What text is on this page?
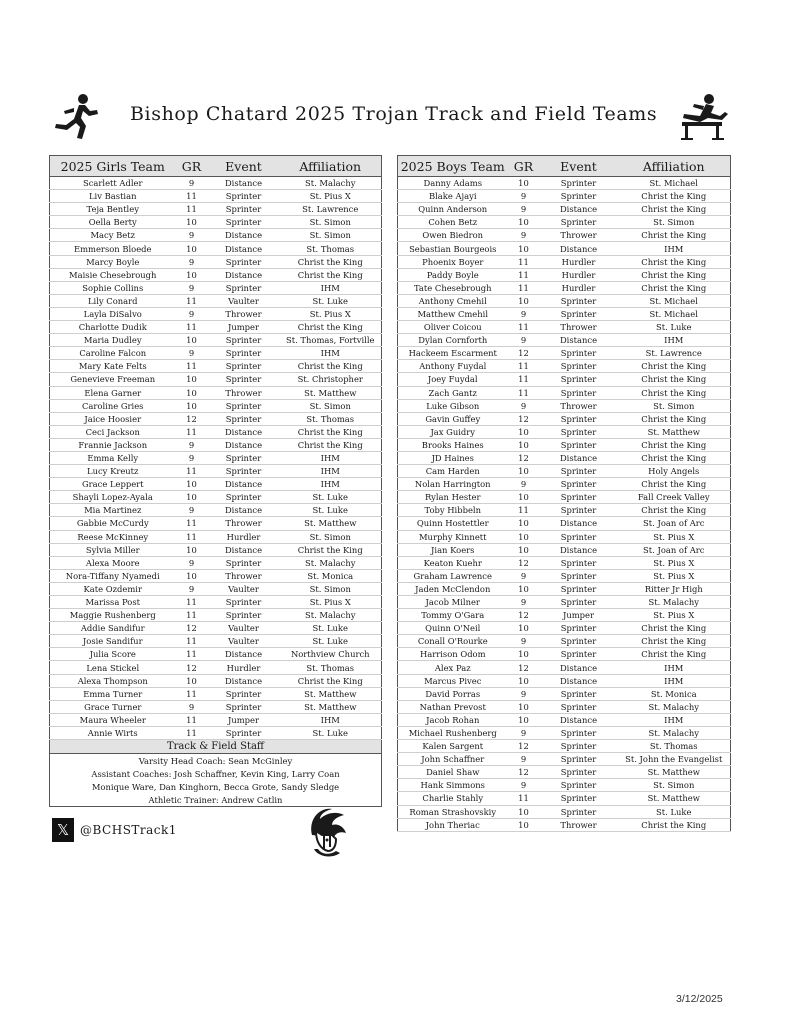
Bishop Chatard 2025 Trojan Track and Field Teams
2025 Girls Team	GR	Event	Affiliation
Scarlett Adler	9	Distance	St. Malachy
Liv Bastian	11	Sprinter	St. Pius X
Teja Bentley	11	Sprinter	St. Lawrence
Oella Berty	10	Sprinter	St. Simon
Macy Betz	9	Distance	St. Simon
Emmerson Bloede	10	Distance	St. Thomas
Marcy Boyle	9	Sprinter	Christ the King
Maisie Chesebrough	10	Distance	Christ the King
Sophie Collins	9	Sprinter	IHM
Lily Conard	11	Vaulter	St. Luke
Layla DiSalvo	9	Thrower	St. Pius X
Charlotte Dudik	11	Jumper	Christ the King
Maria Dudley	10	Sprinter	St. Thomas, Fortville
Caroline Falcon	9	Sprinter	IHM
Mary Kate Felts	11	Sprinter	Christ the King
Genevieve Freeman	10	Sprinter	St. Christopher
Elena Garner	10	Thrower	St. Matthew
Caroline Gries	10	Sprinter	St. Simon
Jaice Hoosier	12	Sprinter	St. Thomas
Ceci Jackson	11	Distance	Christ the King
Frannie Jackson	9	Distance	Christ the King
Emma Kelly	9	Sprinter	IHM
Lucy Kreutz	11	Sprinter	IHM
Grace Leppert	10	Distance	IHM
Shayli Lopez-Ayala	10	Sprinter	St. Luke
Mia Martinez	9	Distance	St. Luke
Gabbie McCurdy	11	Thrower	St. Matthew
Reese McKinney	11	Hurdler	St. Simon
Sylvia Miller	10	Distance	Christ the King
Alexa Moore	9	Sprinter	St. Malachy
Nora-Tiffany Nyamedi	10	Thrower	St. Monica
Kate Ozdemir	9	Vaulter	St. Simon
Marissa Post	11	Sprinter	St. Pius X
Maggie Rushenberg	11	Sprinter	St. Malachy
Addie Sandifur	12	Vaulter	St. Luke
Josie Sandifur	11	Vaulter	St. Luke
Julia Score	11	Distance	Northview Church
Lena Stickel	12	Hurdler	St. Thomas
Alexa Thompson	10	Distance	Christ the King
Emma Turner	11	Sprinter	St. Matthew
Grace Turner	9	Sprinter	St. Matthew
Maura Wheeler	11	Jumper	IHM
Annie Wirts	11	Sprinter	St. Luke
Track & Field Staff			
Varsity Head Coach: Sean McGinley			
Assistant Coaches: Josh Schaffner, Kevin King, Larry Coan			
Monique Ware, Dan Kinghorn, Becca Grote, Sandy Sledge			
Athletic Trainer: Andrew Catlin			
2025 Boys Team	GR	Event	Affiliation
Danny Adams	10	Sprinter	St. Michael
Blake Ajayi	9	Sprinter	Christ the King
Quinn Anderson	9	Distance	Christ the King
Cohen Betz	10	Sprinter	St. Simon
Owen Biedron	9	Thrower	Christ the King
Sebastian Bourgeois	10	Distance	IHM
Phoenix Boyer	11	Hurdler	Christ the King
Paddy Boyle	11	Hurdler	Christ the King
Tate Chesebrough	11	Hurdler	Christ the King
Anthony Cmehil	10	Sprinter	St. Michael
Matthew Cmehil	9	Sprinter	St. Michael
Oliver Coicou	11	Thrower	St. Luke
Dylan Cornforth	9	Distance	IHM
Hackeem Escarment	12	Sprinter	St. Lawrence
Anthony Fuydal	11	Sprinter	Christ the King
Joey Fuydal	11	Sprinter	Christ the King
Zach Gantz	11	Sprinter	Christ the King
Luke Gibson	9	Thrower	St. Simon
Gavin Guffey	12	Sprinter	Christ the King
Jax Guidry	10	Sprinter	St. Matthew
Brooks Haines	10	Sprinter	Christ the King
JD Haines	12	Distance	Christ the King
Cam Harden	10	Sprinter	Holy Angels
Nolan Harrington	9	Sprinter	Christ the King
Rylan Hester	10	Sprinter	Fall Creek Valley
Toby Hibbeln	11	Sprinter	Christ the King
Quinn Hostettler	10	Distance	St. Joan of Arc
Murphy Kinnett	10	Sprinter	St. Pius X
Jian Koers	10	Distance	St. Joan of Arc
Keaton Kuehr	12	Sprinter	St. Pius X
Graham Lawrence	9	Sprinter	St. Pius X
Jaden McClendon	10	Sprinter	Ritter Jr High
Jacob Milner	9	Sprinter	St. Malachy
Tommy O'Gara	12	Jumper	St. Pius X
Quinn O'Neil	10	Sprinter	Christ the King
Conall O'Rourke	9	Sprinter	Christ the King
Harrison Odom	10	Sprinter	Christ the King
Alex Paz	12	Distance	IHM
Marcus Pivec	10	Distance	IHM
David Porras	9	Sprinter	St. Monica
Nathan Prevost	10	Sprinter	St. Malachy
Jacob Rohan	10	Distance	IHM
Michael Rushenberg	9	Sprinter	St. Malachy
Kalen Sargent	12	Sprinter	St. Thomas
John Schaffner	9	Sprinter	St. John the Evangelist
Daniel Shaw	12	Sprinter	St. Matthew
Hank Simmons	9	Sprinter	St. Simon
Charlie Stahly	11	Sprinter	St. Matthew
Roman Strashovskiy	10	Sprinter	St. Luke
John Theriac	10	Thrower	Christ the King
𝕏 @BCHSTrack1
3/12/2025
